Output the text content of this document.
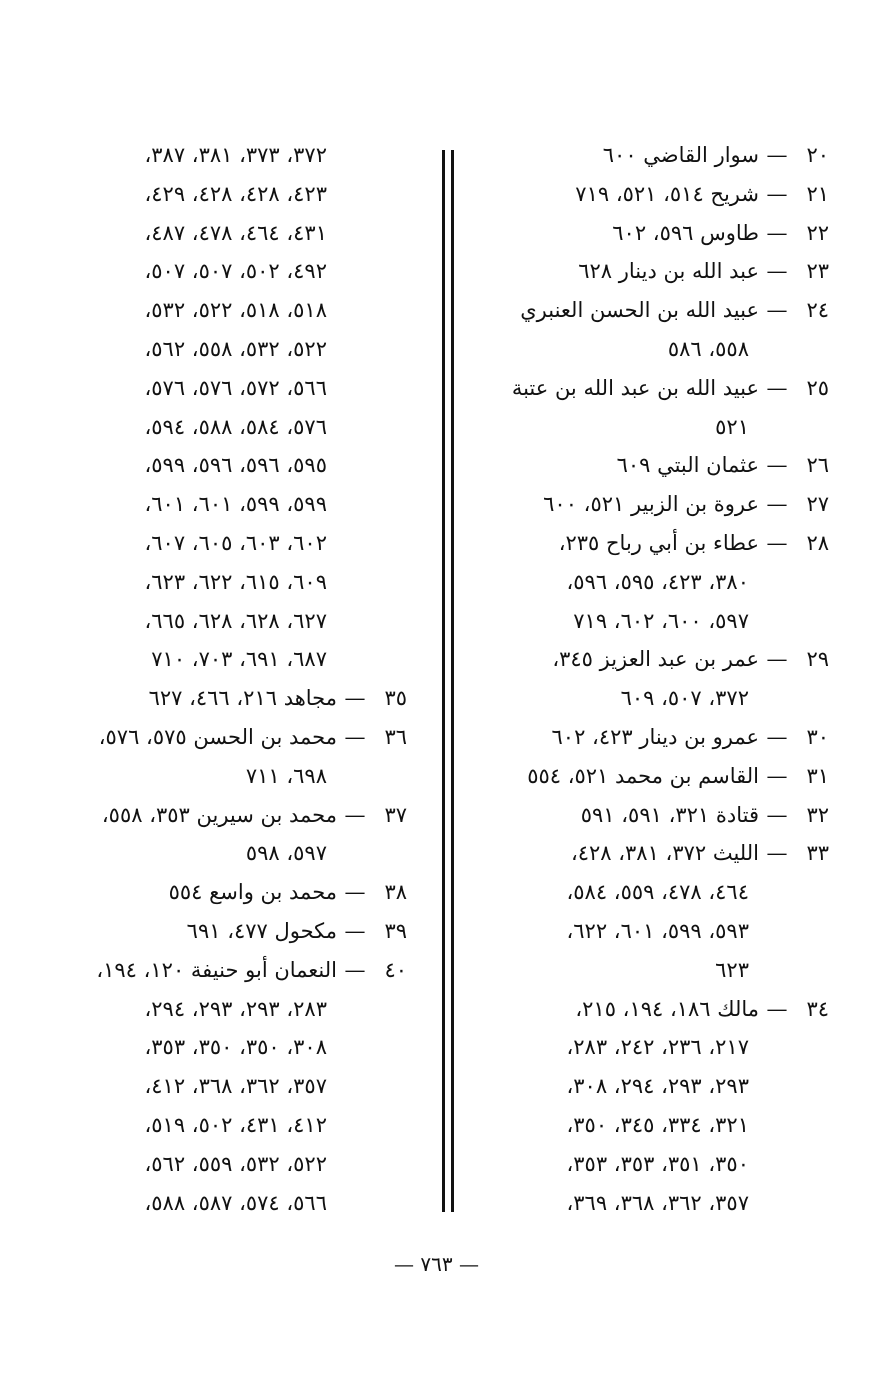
٢٠—سوار القاضي ٦٠٠
٢١—شريح ٥١٤، ٥٢١، ٧١٩
٢٢—طاوس ٥٩٦، ٦٠٢
٢٣—عبد الله بن دينار ٦٢٨
٢٤—عبيد الله بن الحسن العنبري
٥٥٨، ٥٨٦
٢٥—عبيد الله بن عبد الله بن عتبة
٥٢١
٢٦—عثمان البتي ٦٠٩
٢٧—عروة بن الزبير ٥٢١، ٦٠٠
٢٨—عطاء بن أبي رباح ٢٣٥،
٣٨٠، ٤٢٣، ٥٩٥، ٥٩٦،
٥٩٧، ٦٠٠، ٦٠٢، ٧١٩
٢٩—عمر بن عبد العزيز ٣٤٥،
٣٧٢، ٥٠٧، ٦٠٩
٣٠—عمرو بن دينار ٤٢٣، ٦٠٢
٣١—القاسم بن محمد ٥٢١، ٥٥٤
٣٢—قتادة ٣٢١، ٥٩١، ٥٩١
٣٣—الليث ٣٧٢، ٣٨١، ٤٢٨،
٤٦٤، ٤٧٨، ٥٥٩، ٥٨٤،
٥٩٣، ٥٩٩، ٦٠١، ٦٢٢،
٦٢٣
٣٤—مالك ١٨٦، ١٩٤، ٢١٥،
٢١٧، ٢٣٦، ٢٤٢، ٢٨٣،
٢٩٣، ٢٩٣، ٢٩٤، ٣٠٨،
٣٢١، ٣٣٤، ٣٤٥، ٣٥٠،
٣٥٠، ٣٥١، ٣٥٣، ٣٥٣،
٣٥٧، ٣٦٢، ٣٦٨، ٣٦٩،
٣٧٢، ٣٧٣، ٣٨١، ٣٨٧،
٤٢٣، ٤٢٨، ٤٢٨، ٤٢٩،
٤٣١، ٤٦٤، ٤٧٨، ٤٨٧،
٤٩٢، ٥٠٢، ٥٠٧، ٥٠٧،
٥١٨، ٥١٨، ٥٢٢، ٥٣٢،
٥٢٢، ٥٣٢، ٥٥٨، ٥٦٢،
٥٦٦، ٥٧٢، ٥٧٦، ٥٧٦،
٥٧٦، ٥٨٤، ٥٨٨، ٥٩٤،
٥٩٥، ٥٩٦، ٥٩٦، ٥٩٩،
٥٩٩، ٥٩٩، ٦٠١، ٦٠١،
٦٠٢، ٦٠٣، ٦٠٥، ٦٠٧،
٦٠٩، ٦١٥، ٦٢٢، ٦٢٣،
٦٢٧، ٦٢٨، ٦٢٨، ٦٦٥،
٦٨٧، ٦٩١، ٧٠٣، ٧١٠
٣٥—مجاهد ٢١٦، ٤٦٦، ٦٢٧
٣٦—محمد بن الحسن ٥٧٥، ٥٧٦،
٦٩٨، ٧١١
٣٧—محمد بن سيرين ٣٥٣، ٥٥٨،
٥٩٧، ٥٩٨
٣٨—محمد بن واسع ٥٥٤
٣٩—مكحول ٤٧٧، ٦٩١
٤٠—النعمان أبو حنيفة ١٢٠، ١٩٤،
٢٨٣، ٢٩٣، ٢٩٣، ٢٩٤،
٣٠٨، ٣٥٠، ٣٥٠، ٣٥٣،
٣٥٧، ٣٦٢، ٣٦٨، ٤١٢،
٤١٢، ٤٣١، ٥٠٢، ٥١٩،
٥٢٢، ٥٣٢، ٥٥٩، ٥٦٢،
٥٦٦، ٥٧٤، ٥٨٧، ٥٨٨،
— ٧٦٣ —
